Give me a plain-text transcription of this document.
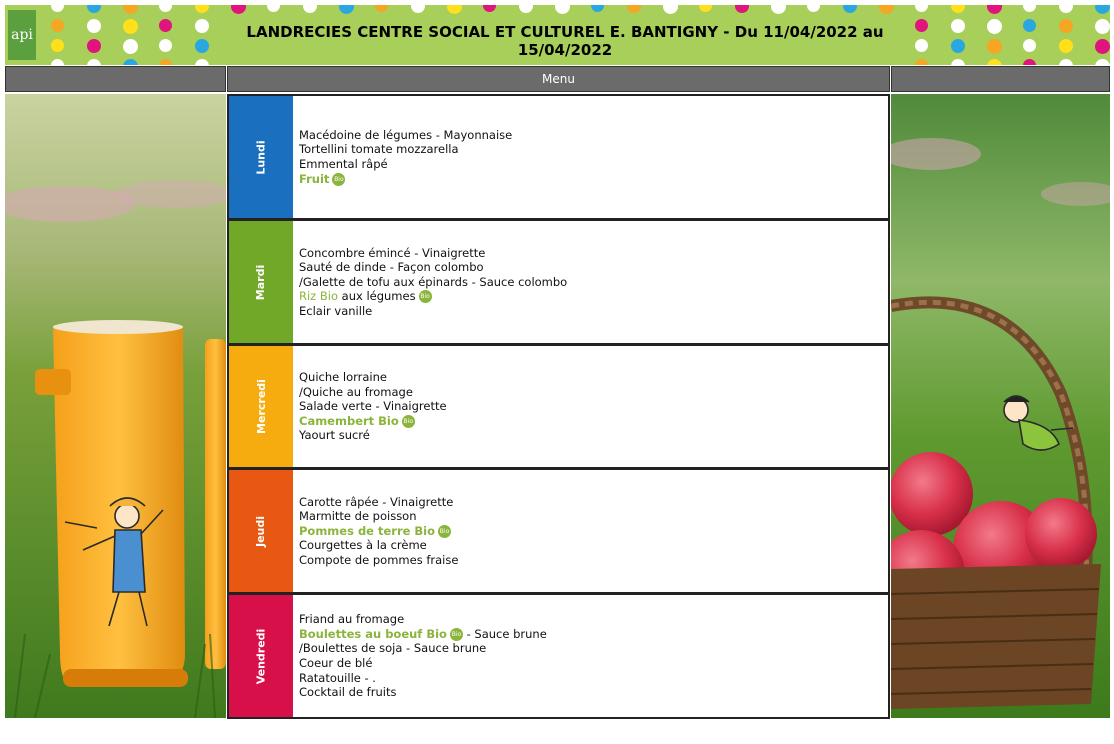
api	LANDRECIES CENTRE SOCIAL ET CULTUREL E. BANTIGNY - Du 11/04/2022 au
15/04/2022
Menu
Lundi
Macédoine de légumes - Mayonnaise
Tortellini tomate mozzarella
Emmental râpé
Fruit Bio
Mardi
Concombre émincé - Vinaigrette
Sauté de dinde - Façon colombo
/Galette de tofu aux épinards - Sauce colombo
Riz Bio aux légumes Bio
Eclair vanille
Mercredi
Quiche lorraine
/Quiche au fromage
Salade verte - Vinaigrette
Camembert Bio Bio
Yaourt sucré
Jeudi
Carotte râpée - Vinaigrette
Marmitte de poisson
Pommes de terre Bio Bio
Courgettes à la crème
Compote de pommes fraise
Vendredi
Friand au fromage
Boulettes au boeuf Bio Bio - Sauce brune
/Boulettes de soja - Sauce brune
Coeur de blé
Ratatouille - .
Cocktail de fruits
